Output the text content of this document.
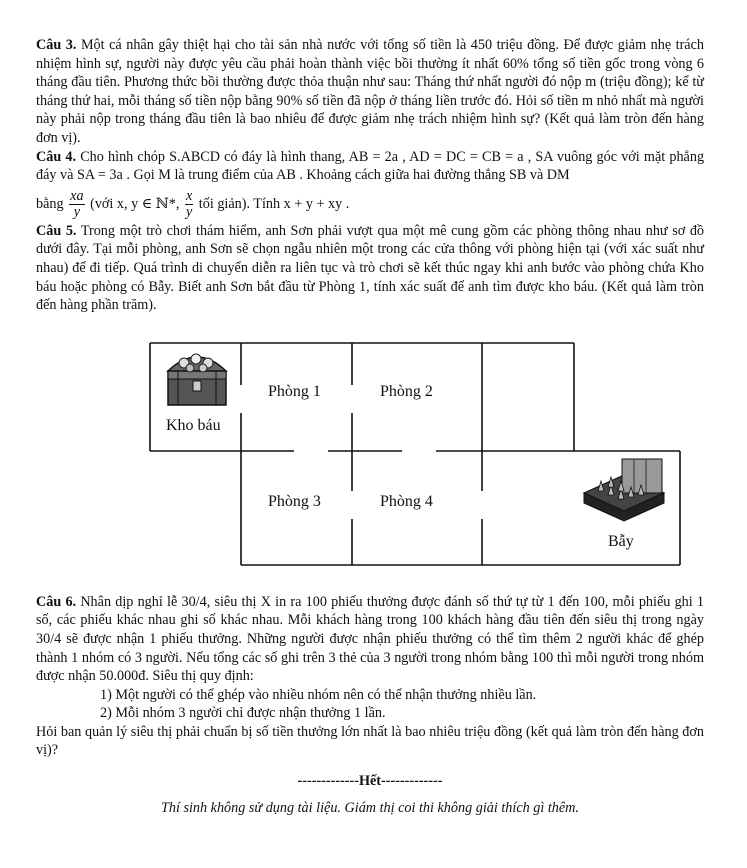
Câu 3. Một cá nhân gây thiệt hại cho tài sản nhà nước với tổng số tiền là 450 triệu đồng. Để được giảm nhẹ trách nhiệm hình sự, người này được yêu cầu phải hoàn thành việc bồi thường ít nhất 60% tổng số tiền gốc trong vòng 6 tháng đầu tiên. Phương thức bồi thường được thỏa thuận như sau: Tháng thứ nhất người đó nộp m (triệu đồng); kể từ tháng thứ hai, mỗi tháng số tiền nộp bằng 90% số tiền đã nộp ở tháng liền trước đó. Hỏi số tiền m nhỏ nhất mà người này phải nộp trong tháng đầu tiên là bao nhiêu để được giảm nhẹ trách nhiệm hình sự? (Kết quả làm tròn đến hàng đơn vị).

Câu 4. Cho hình chóp S.ABCD có đáy là hình thang, AB = 2a , AD = DC = CB = a , SA vuông góc với mặt phẳng đáy và SA = 3a . Gọi M là trung điểm của AB . Khoảng cách giữa hai đường thẳng SB và DM

bằng $\frac{xa}{y}$ (với x, y ∈ ℕ*, $\frac{x}{y}$ tối giản). Tính x + y + xy .

Câu 5. Trong một trò chơi thám hiểm, anh Sơn phải vượt qua một mê cung gồm các phòng thông nhau như sơ đồ dưới đây. Tại mỗi phòng, anh Sơn sẽ chọn ngẫu nhiên một trong các cửa thông với phòng hiện tại (với xác suất như nhau) để đi tiếp. Quá trình di chuyển diễn ra liên tục và trò chơi sẽ kết thúc ngay khi anh bước vào phòng chứa Kho báu hoặc phòng có Bẫy. Biết anh Sơn bắt đầu từ Phòng 1, tính xác suất để anh tìm được kho báu. (Kết quả làm tròn đến hàng phần trăm).

Kho báu
Phòng 1	Phòng 2
Phòng 3	Phòng 4
Bẫy

Câu 6. Nhân dịp nghỉ lễ 30/4, siêu thị X in ra 100 phiếu thưởng được đánh số thứ tự từ 1 đến 100, mỗi phiếu ghi 1 số, các phiếu khác nhau ghi số khác nhau. Mỗi khách hàng trong 100 khách hàng đầu tiên đến siêu thị trong ngày 30/4 sẽ được nhận 1 phiếu thưởng. Những người được nhận phiếu thưởng có thể tìm thêm 2 người khác để ghép thành 1 nhóm có 3 người. Nếu tổng các số ghi trên 3 thẻ của 3 người trong nhóm bằng 100 thì mỗi người trong nhóm được nhận 50.000đ. Siêu thị quy định:

1) Một người có thể ghép vào nhiều nhóm nên có thể nhận thưởng nhiều lần.

2) Mỗi nhóm 3 người chỉ được nhận thưởng 1 lần.

Hỏi ban quản lý siêu thị phải chuẩn bị số tiền thưởng lớn nhất là bao nhiêu triệu đồng (kết quả làm tròn đến hàng đơn vị)?

-------------Hết-------------

Thí sinh không sử dụng tài liệu. Giám thị coi thi không giải thích gì thêm.
